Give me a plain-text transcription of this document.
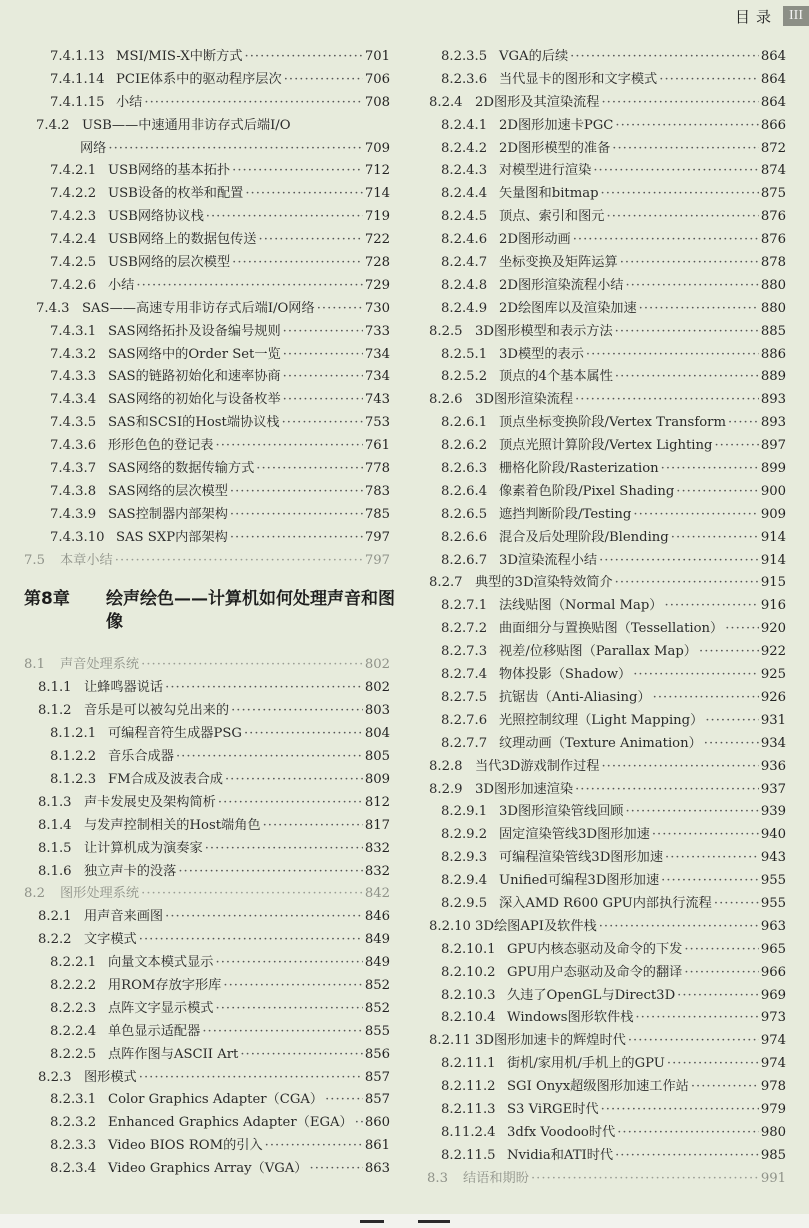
目录 III
7.4.1.13 MSI/MIS-X中断方式 ·····	701
7.4.1.14 PCIE体系中的驱动程序层次 ·····	706
7.4.1.15 小结 ·····	708
7.4.2 USB——中速通用非访存式后端I/O
网络 ·····	709
7.4.2.1 USB网络的基本拓扑 ·····	712
7.4.2.2 USB设备的枚举和配置 ·····	714
7.4.2.3 USB网络协议栈 ·····	719
7.4.2.4 USB网络上的数据包传送 ·····	722
7.4.2.5 USB网络的层次模型 ·····	728
7.4.2.6 小结 ·····	729
7.4.3 SAS——高速专用非访存式后端I/O网络 ·····	730
7.4.3.1 SAS网络拓扑及设备编号规则 ·····	733
7.4.3.2 SAS网络中的Order Set一览 ·····	734
7.4.3.3 SAS的链路初始化和速率协商 ·····	734
7.4.3.4 SAS网络的初始化与设备枚举 ·····	743
7.4.3.5 SAS和SCSI的Host端协议栈 ·····	753
7.4.3.6 形形色色的登记表 ·····	761
7.4.3.7 SAS网络的数据传输方式 ·····	778
7.4.3.8 SAS网络的层次模型 ·····	783
7.4.3.9 SAS控制器内部架构 ·····	785
7.4.3.10 SAS SXP内部架构 ·····	797
7.5	本章小结 ·····	797
第8章 绘声绘色——计算机如何处理声音和图像
8.1	声音处理系统 ·····	802
8.1.1 让蜂鸣器说话 ·····	802
8.1.2 音乐是可以被勾兑出来的 ·····	803
8.1.2.1 可编程音符生成器PSG ·····	804
8.1.2.2 音乐合成器 ·····	805
8.1.2.3 FM合成及波表合成 ·····	809
8.1.3 声卡发展史及架构简析 ·····	812
8.1.4 与发声控制相关的Host端角色 ·····	817
8.1.5 让计算机成为演奏家 ·····	832
8.1.6 独立声卡的没落 ·····	832
8.2	图形处理系统 ·····	842
8.2.1 用声音来画图 ·····	846
8.2.2 文字模式 ·····	849
8.2.2.1 向量文本模式显示 ·····	849
8.2.2.2 用ROM存放字形库 ·····	852
8.2.2.3 点阵文字显示模式 ·····	852
8.2.2.4 单色显示适配器 ·····	855
8.2.2.5 点阵作图与ASCII Art ·····	856
8.2.3 图形模式 ·····	857
8.2.3.1 Color Graphics Adapter（CGA） ·····	857
8.2.3.2 Enhanced Graphics Adapter（EGA） ····· 860
8.2.3.3 Video BIOS ROM的引入 ·····	861
8.2.3.4 Video Graphics Array（VGA） ·····	863
8.2.3.5 VGA的后续 ·····	864
8.2.3.6 当代显卡的图形和文字模式 ·····	864
8.2.4 2D图形及其渲染流程 ·····	864
8.2.4.1 2D图形加速卡PGC ·····	866
8.2.4.2 2D图形模型的准备 ·····	872
8.2.4.3 对模型进行渲染 ·····	874
8.2.4.4 矢量图和bitmap ·····	875
8.2.4.5 顶点、索引和图元 ·····	876
8.2.4.6 2D图形动画 ·····	876
8.2.4.7 坐标变换及矩阵运算 ·····	878
8.2.4.8 2D图形渲染流程小结 ·····	880
8.2.4.9 2D绘图库以及渲染加速 ·····	880
8.2.5 3D图形模型和表示方法 ·····	885
8.2.5.1 3D模型的表示 ·····	886
8.2.5.2 顶点的4个基本属性 ·····	889
8.2.6 3D图形渲染流程 ·····	893
8.2.6.1 顶点坐标变换阶段/Vertex Transform ·····	893
8.2.6.2 顶点光照计算阶段/Vertex Lighting ·····	897
8.2.6.3 栅格化阶段/Rasterization ·····	899
8.2.6.4 像素着色阶段/Pixel Shading ·····	900
8.2.6.5 遮挡判断阶段/Testing ·····	909
8.2.6.6 混合及后处理阶段/Blending ·····	914
8.2.6.7 3D渲染流程小结 ·····	914
8.2.7 典型的3D渲染特效简介 ·····	915
8.2.7.1 法线贴图（Normal Map） ·····	916
8.2.7.2 曲面细分与置换贴图（Tessellation） ·····	920
8.2.7.3 视差/位移贴图（Parallax Map） ·····	922
8.2.7.4 物体投影（Shadow） ·····	925
8.2.7.5 抗锯齿（Anti-Aliasing） ·····	926
8.2.7.6 光照控制纹理（Light Mapping） ·····	931
8.2.7.7 纹理动画（Texture Animation） ·····	934
8.2.8 当代3D游戏制作过程 ·····	936
8.2.9 3D图形加速渲染 ·····	937
8.2.9.1 3D图形渲染管线回顾 ·····	939
8.2.9.2 固定渲染管线3D图形加速 ·····	940
8.2.9.3 可编程渲染管线3D图形加速 ·····	943
8.2.9.4 Unified可编程3D图形加速 ·····	955
8.2.9.5 深入AMD R600 GPU内部执行流程 ·····	955
8.2.10 3D绘图API及软件栈 ·····	963
8.2.10.1 GPU内核态驱动及命令的下发 ·····	965
8.2.10.2 GPU用户态驱动及命令的翻译 ·····	966
8.2.10.3 久违了OpenGL与Direct3D ·····	969
8.2.10.4 Windows图形软件栈 ·····	973
8.2.11 3D图形加速卡的辉煌时代 ·····	974
8.2.11.1 街机/家用机/手机上的GPU ·····	974
8.2.11.2 SGI Onyx超级图形加速工作站 ·····	978
8.2.11.3 S3 ViRGE时代 ·····	979
8.11.2.4 3dfx Voodoo时代 ·····	980
8.2.11.5 Nvidia和ATI时代 ·····	985
8.3	结语和期盼 ·····	991
